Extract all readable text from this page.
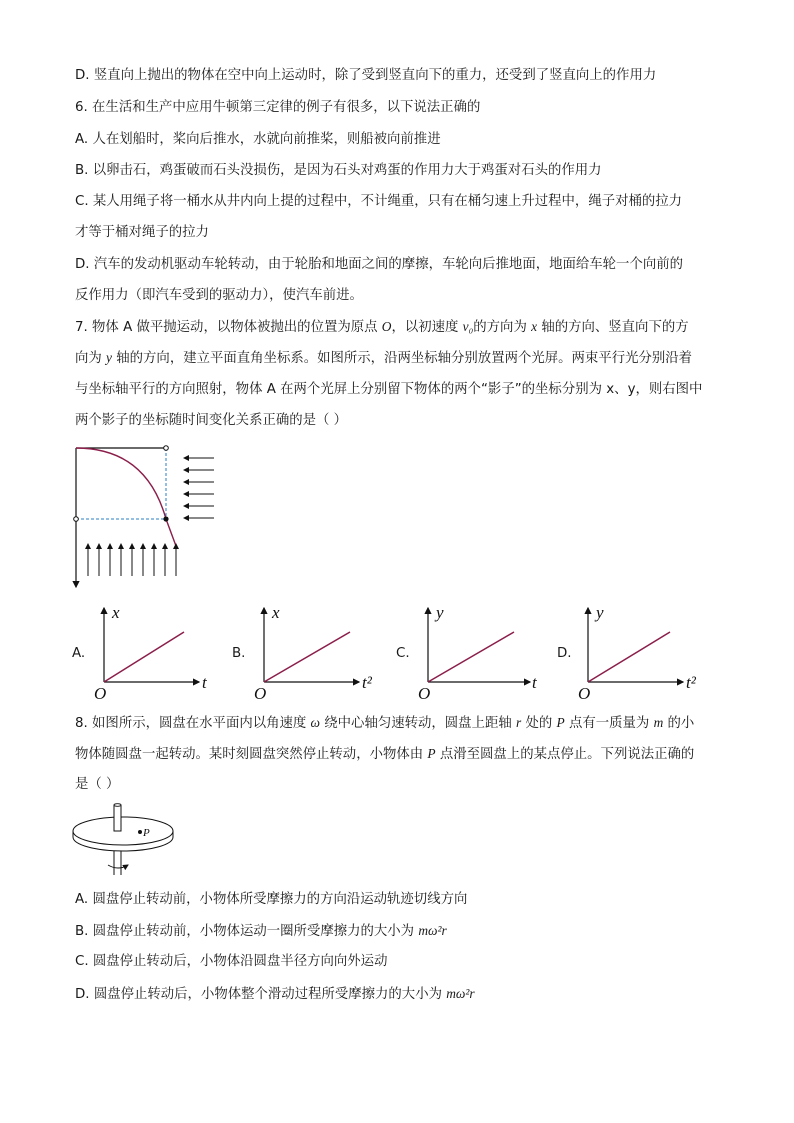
D. 竖直向上抛出的物体在空中向上运动时，除了受到竖直向下的重力，还受到了竖直向上的作用力
6. 在生活和生产中应用牛顿第三定律的例子有很多，以下说法正确的
A. 人在划船时，桨向后推水，水就向前推桨，则船被向前推进
B. 以卵击石，鸡蛋破而石头没损伤，是因为石头对鸡蛋的作用力大于鸡蛋对石头的作用力
C. 某人用绳子将一桶水从井内向上提的过程中，不计绳重，只有在桶匀速上升过程中，绳子对桶的拉力
才等于桶对绳子的拉力
D. 汽车的发动机驱动车轮转动，由于轮胎和地面之间的摩擦，车轮向后推地面，地面给车轮一个向前的
反作用力（即汽车受到的驱动力），使汽车前进。
7. 物体 A 做平抛运动，以物体被抛出的位置为原点 O，以初速度 v₀的方向为 x 轴的方向、竖直向下的方
向为 y 轴的方向，建立平面直角坐标系。如图所示，沿两坐标轴分别放置两个光屏。两束平行光分别沿着
与坐标轴平行的方向照射，物体 A 在两个光屏上分别留下物体的两个“影子”的坐标分别为 x、y，则右图中
两个影子的坐标随时间变化关系正确的是（ ）
A.
x
t
O
B.
x
t²
O
C.
y
t
O
D.
y
t²
O
8. 如图所示，圆盘在水平面内以角速度 ω 绕中心轴匀速转动，圆盘上距轴 r 处的 P 点有一质量为 m 的小
物体随圆盘一起转动。某时刻圆盘突然停止转动，小物体由 P 点滑至圆盘上的某点停止。下列说法正确的
是（ ）
P
A. 圆盘停止转动前，小物体所受摩擦力的方向沿运动轨迹切线方向
B. 圆盘停止转动前，小物体运动一圈所受摩擦力的大小为 mω²r
C. 圆盘停止转动后，小物体沿圆盘半径方向向外运动
D. 圆盘停止转动后，小物体整个滑动过程所受摩擦力的大小为 mω²r
